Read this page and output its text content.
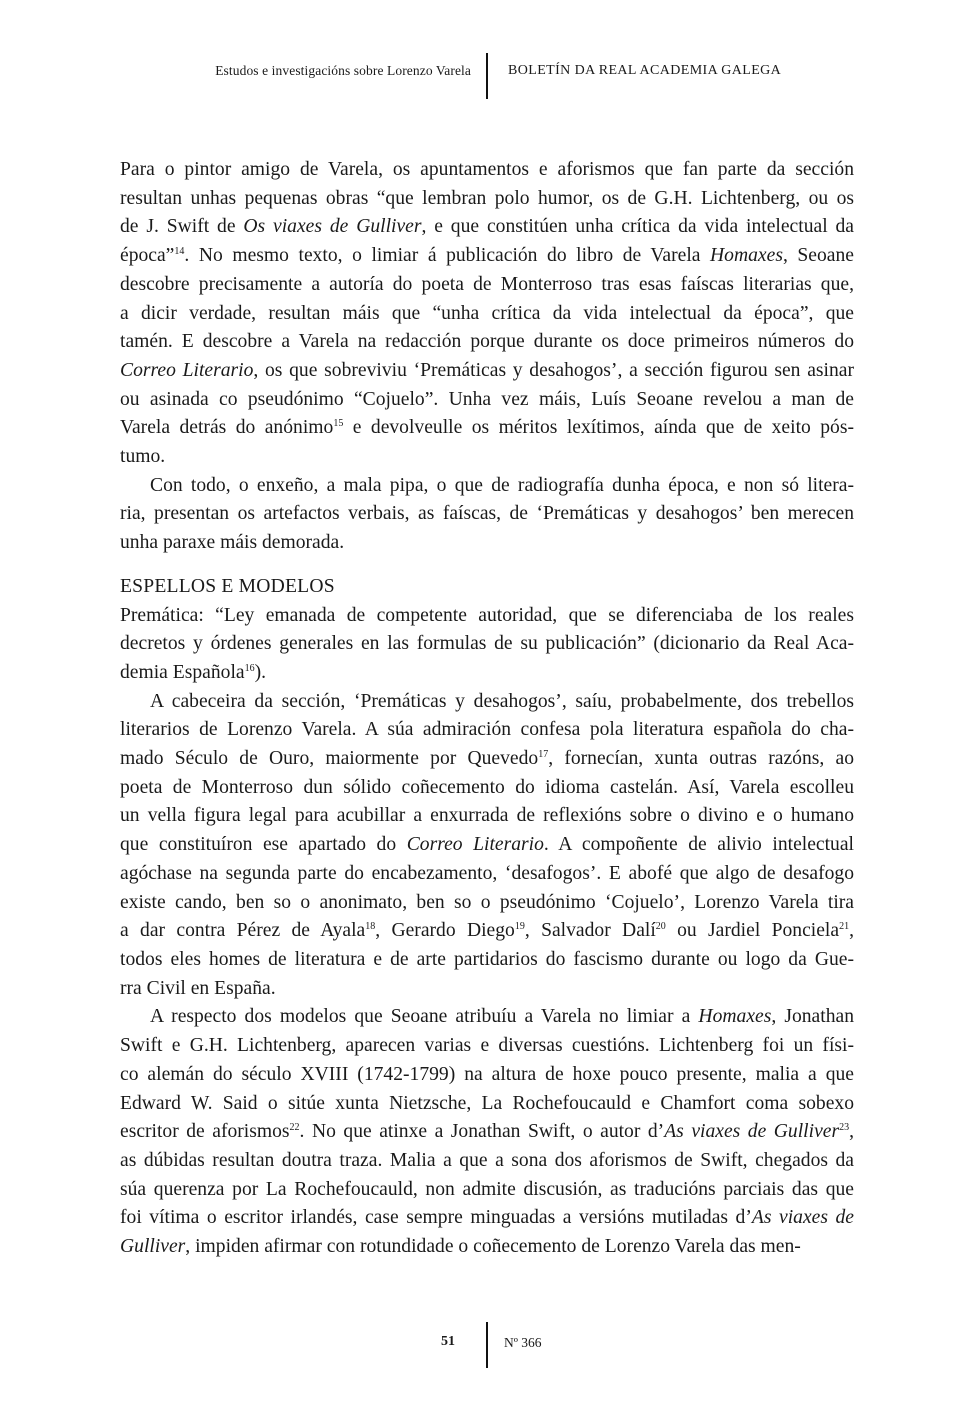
Estudos e investigacións sobre Lorenzo Varela	BOLETÍN DA REAL ACADEMIA GALEGA
Para o pintor amigo de Varela, os apuntamentos e aforismos que fan parte da sección
resultan unhas pequenas obras “que lembran polo humor, os de G.H. Lichtenberg, ou os
de J. Swift de Os viaxes de Gulliver, e que constitúen unha crítica da vida intelectual da
época”$^{14}$. No mesmo texto, o limiar á publicación do libro de Varela Homaxes, Seoane
descobre precisamente a autoría do poeta de Monterroso tras esas faíscas literarias que,
a dicir verdade, resultan máis que “unha crítica da vida intelectual da época”, que
tamén. E descobre a Varela na redacción porque durante os doce primeiros números do
Correo Literario, os que sobreviviu ‘Premáticas y desahogos’, a sección figurou sen asinar
ou asinada co pseudónimo “Cojuelo”. Unha vez máis, Luís Seoane revelou a man de
Varela detrás do anónimo$^{15}$ e devolveulle os méritos lexítimos, aínda que de xeito pós-
tumo.
Con todo, o enxeño, a mala pipa, o que de radiografía dunha época, e non só litera-
ria, presentan os artefactos verbais, as faíscas, de ‘Premáticas y desahogos’ ben merecen
unha paraxe máis demorada.
ESPELLOS E MODELOS
Premática: “Ley emanada de competente autoridad, que se diferenciaba de los reales
decretos y órdenes generales en las formulas de su publicación” (dicionario da Real Aca-
demia Española$^{16}$).
A cabeceira da sección, ‘Premáticas y desahogos’, saíu, probabelmente, dos trebellos
literarios de Lorenzo Varela. A súa admiración confesa pola literatura española do cha-
mado Século de Ouro, maiormente por Quevedo$^{17}$, fornecían, xunta outras razóns, ao
poeta de Monterroso dun sólido coñecemento do idioma castelán. Así, Varela escolleu
un vella figura legal para acubillar a enxurrada de reflexións sobre o divino e o humano
que constituíron ese apartado do Correo Literario. A compoñente de alivio intelectual
agóchase na segunda parte do encabezamento, ‘desafogos’. E abofé que algo de desafogo
existe cando, ben so o anonimato, ben so o pseudónimo ‘Cojuelo’, Lorenzo Varela tira
a dar contra Pérez de Ayala$^{18}$, Gerardo Diego$^{19}$, Salvador Dalí$^{20}$ ou Jardiel Ponciela$^{21}$,
todos eles homes de literatura e de arte partidarios do fascismo durante ou logo da Gue-
rra Civil en España.
A respecto dos modelos que Seoane atribuíu a Varela no limiar a Homaxes, Jonathan
Swift e G.H. Lichtenberg, aparecen varias e diversas cuestións. Lichtenberg foi un físi-
co alemán do século XVIII (1742-1799) na altura de hoxe pouco presente, malia a que
Edward W. Said o sitúe xunta Nietzsche, La Rochefoucauld e Chamfort coma sobexo
escritor de aforismos$^{22}$. No que atinxe a Jonathan Swift, o autor d’As viaxes de Gulliver$^{23}$,
as dúbidas resultan doutra traza. Malia a que a sona dos aforismos de Swift, chegados da
súa querenza por La Rochefoucauld, non admite discusión, as traducións parciais das que
foi vítima o escritor irlandés, case sempre minguadas a versións mutiladas d’As viaxes de
Gulliver, impiden afirmar con rotundidade o coñecemento de Lorenzo Varela das men-
51	Nº 366
